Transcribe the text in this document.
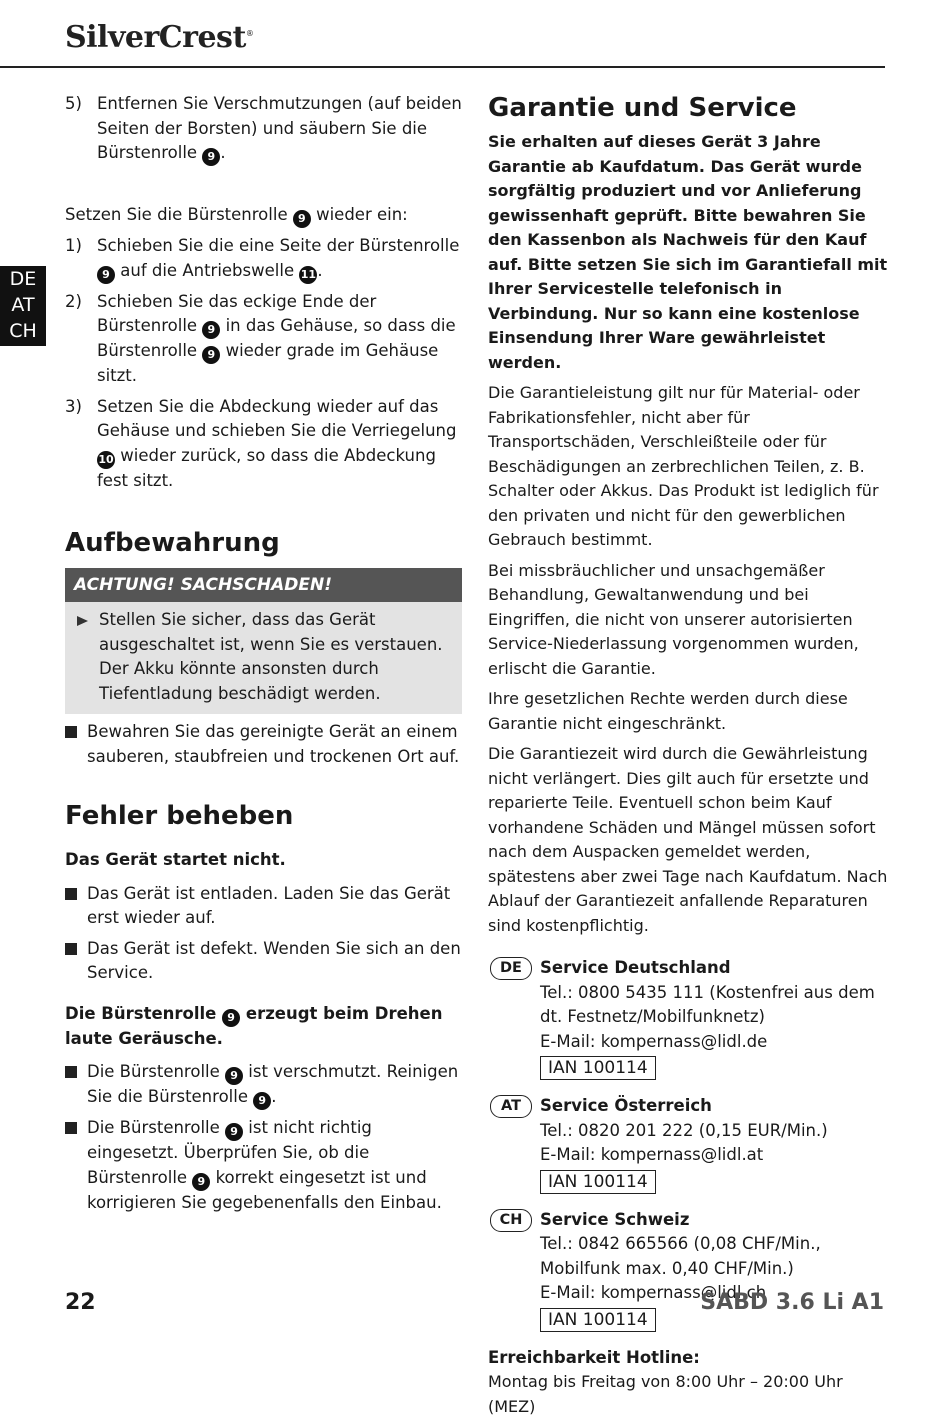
SilverCrest®
DE
AT
CH
5) Entfernen Sie Verschmutzungen (auf beiden Seiten der Borsten) und säubern Sie die Bürstenrolle 9 .

Setzen Sie die Bürstenrolle 9 wieder ein:

1) Schieben Sie die eine Seite der Bürstenrolle 9 auf die Antriebswelle 11.
2) Schieben Sie das eckige Ende der Bürstenrolle 9 in das Gehäuse, so dass die Bürstenrolle 9 wieder grade im Gehäuse sitzt.
3) Setzen Sie die Abdeckung wieder auf das Gehäuse und schieben Sie die Verriegelung 10 wieder zurück, so dass die Abdeckung fest sitzt.
Aufbewahrung
ACHTUNG! SACHSCHADEN!
Stellen Sie sicher, dass das Gerät ausgeschaltet ist, wenn Sie es verstauen. Der Akku könnte ansonsten durch Tiefentladung beschädigt werden.
Bewahren Sie das gereinigte Gerät an einem sauberen, staubfreien und trockenen Ort auf.
Fehler beheben

Das Gerät startet nicht.

Das Gerät ist entladen. Laden Sie das Gerät erst wieder auf.
Das Gerät ist defekt. Wenden Sie sich an den Service.

Die Bürstenrolle 9 erzeugt beim Drehen laute Geräusche.

Die Bürstenrolle 9 ist verschmutzt. Reinigen Sie die Bürstenrolle 9 .
Die Bürstenrolle 9 ist nicht richtig eingesetzt. Überprüfen Sie, ob die Bürstenrolle 9 korrekt eingesetzt ist und korrigieren Sie gegebenenfalls den Einbau.
Garantie und Service

Sie erhalten auf dieses Gerät 3 Jahre Garantie ab Kaufdatum. Das Gerät wurde sorgfältig produziert und vor Anlieferung gewissenhaft geprüft. Bitte bewahren Sie den Kassenbon als Nachweis für den Kauf auf. Bitte setzen Sie sich im Garantiefall mit Ihrer Servicestelle telefonisch in Verbindung. Nur so kann eine kostenlose Einsendung Ihrer Ware gewährleistet werden.

Die Garantieleistung gilt nur für Material- oder Fabrikationsfehler, nicht aber für Transportschäden, Verschleißteile oder für Beschädigungen an zerbrechlichen Teilen, z. B. Schalter oder Akkus. Das Produkt ist lediglich für den privaten und nicht für den gewerblichen Gebrauch bestimmt.

Bei missbräuchlicher und unsachgemäßer Behandlung, Gewaltanwendung und bei Eingriffen, die nicht von unserer autorisierten Service-Niederlassung vorgenommen wurden, erlischt die Garantie.

Ihre gesetzlichen Rechte werden durch diese Garantie nicht eingeschränkt.

Die Garantiezeit wird durch die Gewährleistung nicht verlängert. Dies gilt auch für ersetzte und reparierte Teile. Eventuell schon beim Kauf vorhandene Schäden und Mängel müssen sofort nach dem Auspacken gemeldet werden, spätestens aber zwei Tage nach Kaufdatum. Nach Ablauf der Garantiezeit anfallende Reparaturen sind kostenpflichtig.

DE	Service Deutschland

Tel.: 0800 5435 111 (Kostenfrei aus dem dt. Festnetz/Mobilfunknetz)

E-Mail: kompernass@lidl.de

IAN 100114
AT	Service Österreich

Tel.: 0820 201 222 (0,15 EUR/Min.)

E-Mail: kompernass@lidl.at

IAN 100114
CH	Service Schweiz

Tel.: 0842 665566 (0,08 CHF/Min., Mobilfunk max. 0,40 CHF/Min.)

E-Mail: kompernass@lidl.ch

IAN 100114

Erreichbarkeit Hotline:

Montag bis Freitag von 8:00 Uhr – 20:00 Uhr (MEZ)

22	SABD 3.6 Li A1
